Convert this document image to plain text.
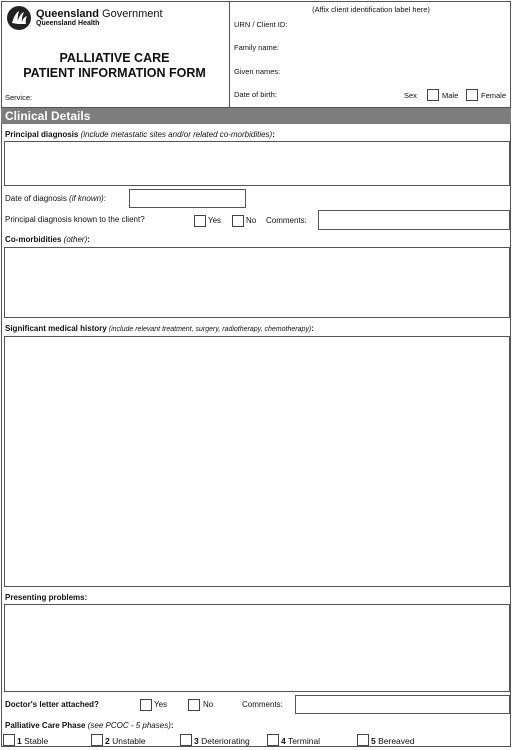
Queensland Government
Queensland Health
PALLIATIVE CARE
PATIENT INFORMATION FORM
Service:
(Affix client identification label here)
URN / Client ID:
Family name:
Given names:
Date of birth:	Sex	Male	Female
Clinical Details
Principal diagnosis (include metastatic sites and/or related co-morbidities):
Date of diagnosis (if known):
Principal diagnosis known to the client?	Yes	No Comments:
Co-morbidities (other):
Significant medical history (include relevant treatment, surgery, radiotherapy, chemotherapy):
Presenting problems:
Doctor's letter attached?	Yes	No	Comments:
Palliative Care Phase (see PCOC - 5 phases):
1 Stable	2 Unstable	3 Deteriorating	4 Terminal	5 Bereaved
